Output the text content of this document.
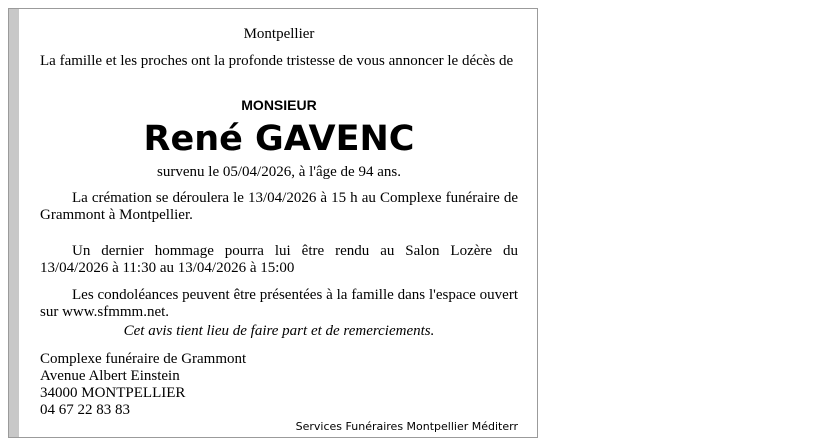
Montpellier
La famille et les proches ont la profonde tristesse de vous annoncer le décès de
MONSIEUR
René GAVENC
survenu le 05/04/2026, à l'âge de 94 ans.
La crémation se déroulera le 13/04/2026 à 15 h au Complexe funéraire de Grammont à Montpellier.
Un dernier hommage pourra lui être rendu au Salon Lozère du 13/04/2026 à 11:30 au 13/04/2026 à 15:00
Les condoléances peuvent être présentées à la famille dans l'espace ouvert sur www.sfmmm.net.
Cet avis tient lieu de faire part et de remerciements.
Complexe funéraire de Grammont
Avenue Albert Einstein
34000 MONTPELLIER
04 67 22 83 83
Services Funéraires Montpellier Méditerr
